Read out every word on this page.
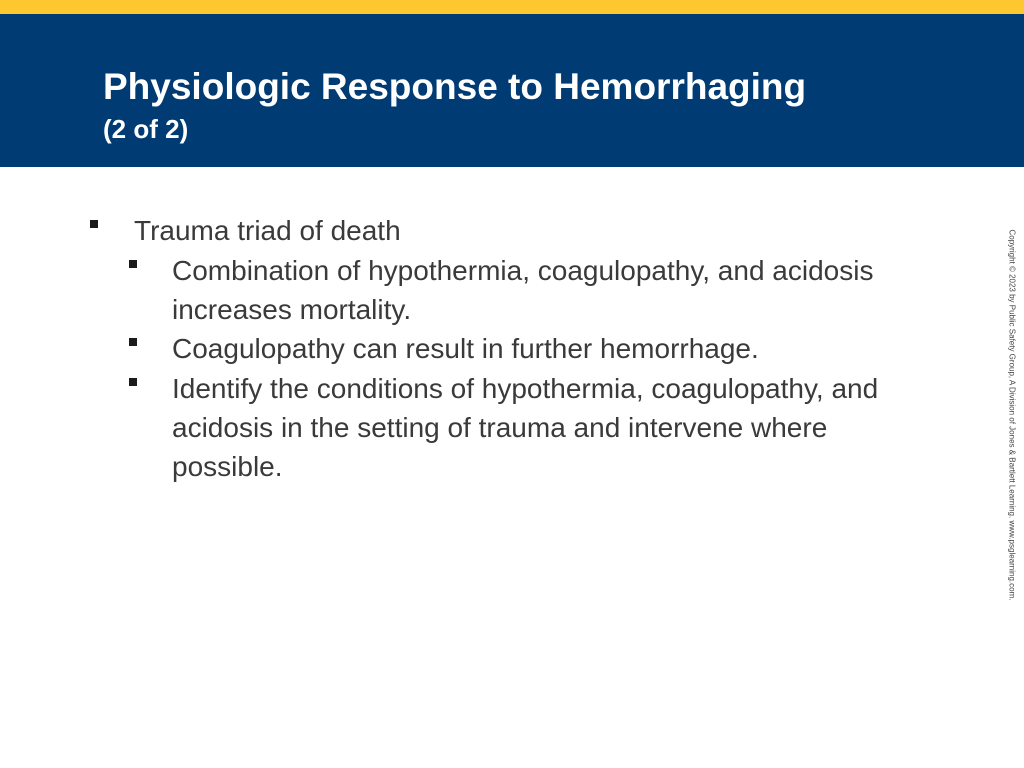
Physiologic Response to Hemorrhaging
(2 of 2)
Trauma triad of death
Combination of hypothermia, coagulopathy, and acidosis increases mortality.
Coagulopathy can result in further hemorrhage.
Identify the conditions of hypothermia, coagulopathy, and acidosis in the setting of trauma and intervene where possible.	Copyright © 2023 by Public Safety Group, A Division of Jones & Bartlett Learning. www.psglearning.com.
